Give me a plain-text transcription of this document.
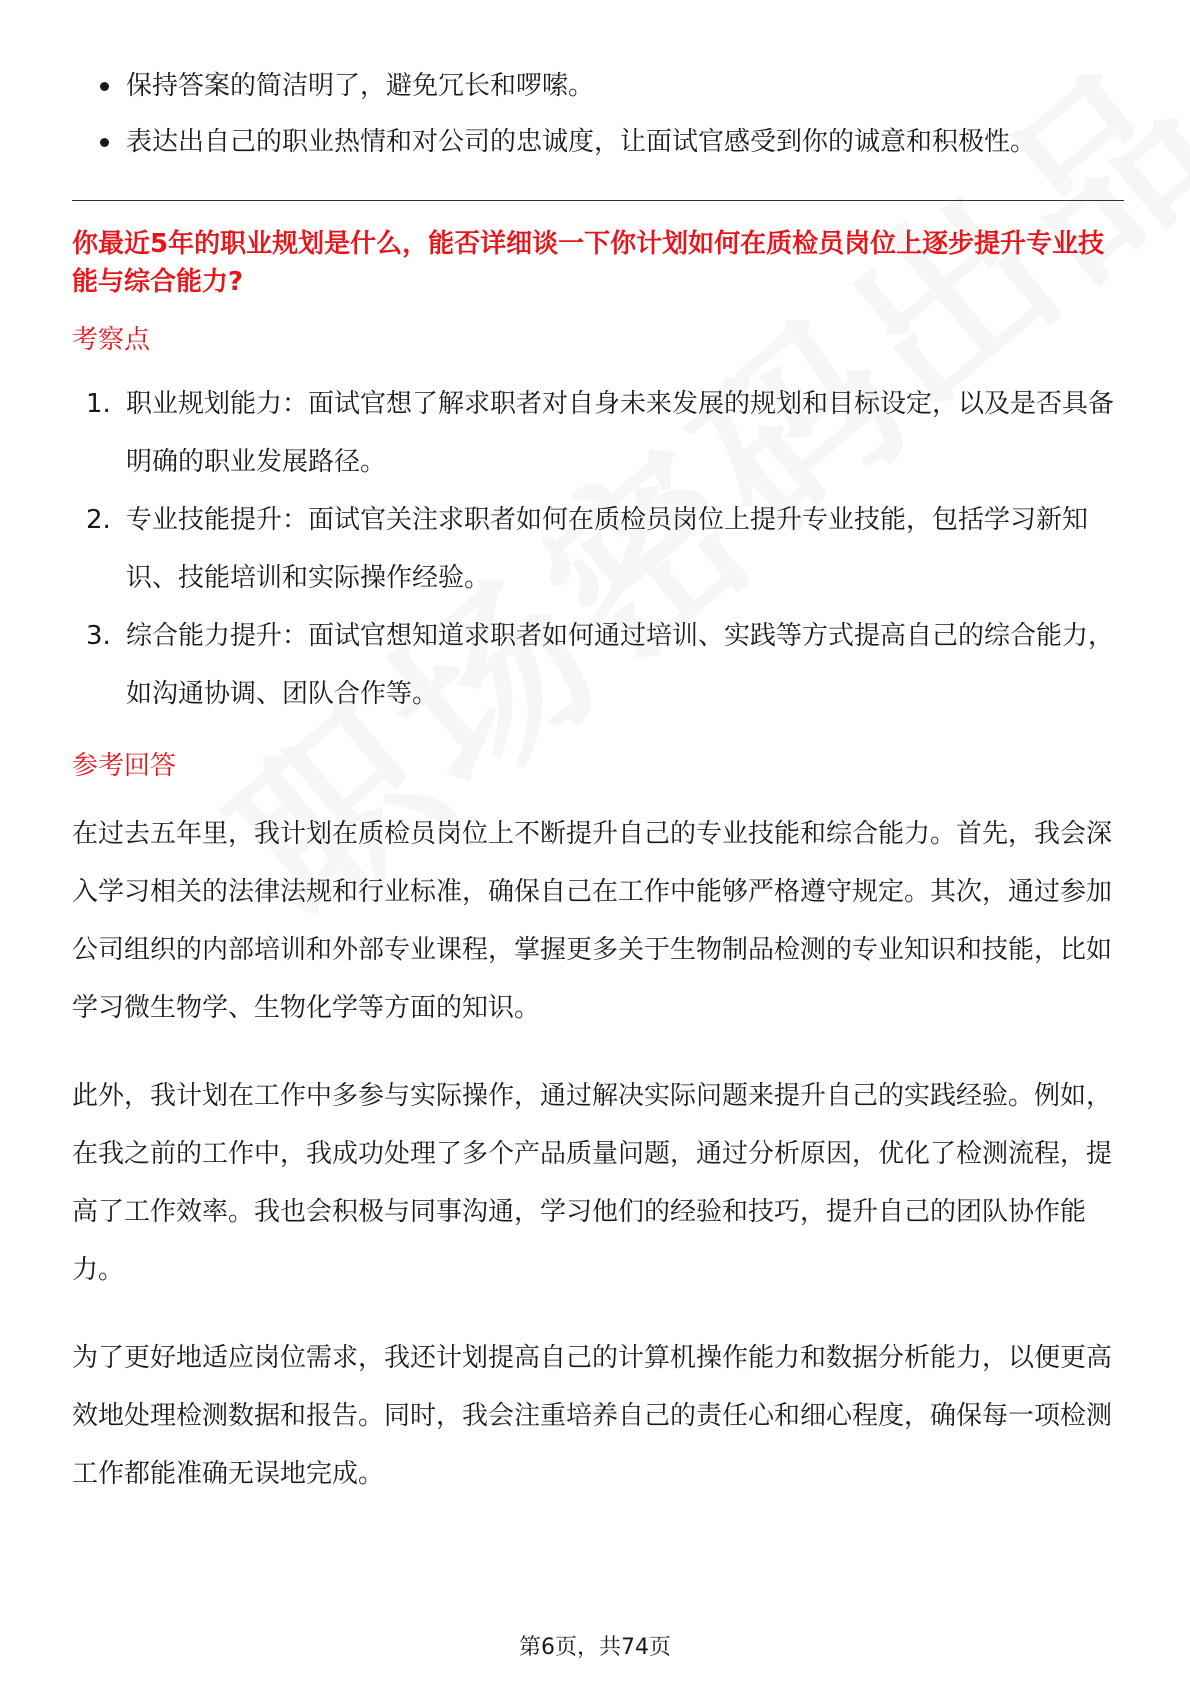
保持答案的简洁明了，避免冗长和啰嗦。
表达出自己的职业热情和对公司的忠诚度，让面试官感受到你的诚意和积极性。
你最近5年的职业规划是什么，能否详细谈一下你计划如何在质检员岗位上逐步提升专业技能与综合能力?
考察点
1. 职业规划能力：面试官想了解求职者对自身未来发展的规划和目标设定，以及是否具备明确的职业发展路径。
2. 专业技能提升：面试官关注求职者如何在质检员岗位上提升专业技能，包括学习新知识、技能培训和实际操作经验。
3. 综合能力提升：面试官想知道求职者如何通过培训、实践等方式提高自己的综合能力，如沟通协调、团队合作等。
参考回答

在过去五年里，我计划在质检员岗位上不断提升自己的专业技能和综合能力。首先，我会深入学习相关的法律法规和行业标准，确保自己在工作中能够严格遵守规定。其次，通过参加公司组织的内部培训和外部专业课程，掌握更多关于生物制品检测的专业知识和技能，比如学习微生物学、生物化学等方面的知识。

此外，我计划在工作中多参与实际操作，通过解决实际问题来提升自己的实践经验。例如，在我之前的工作中，我成功处理了多个产品质量问题，通过分析原因，优化了检测流程，提高了工作效率。我也会积极与同事沟通，学习他们的经验和技巧，提升自己的团队协作能力。

为了更好地适应岗位需求，我还计划提高自己的计算机操作能力和数据分析能力，以便更高效地处理检测数据和报告。同时，我会注重培养自己的责任心和细心程度，确保每一项检测工作都能准确无误地完成。

第6页，共74页
